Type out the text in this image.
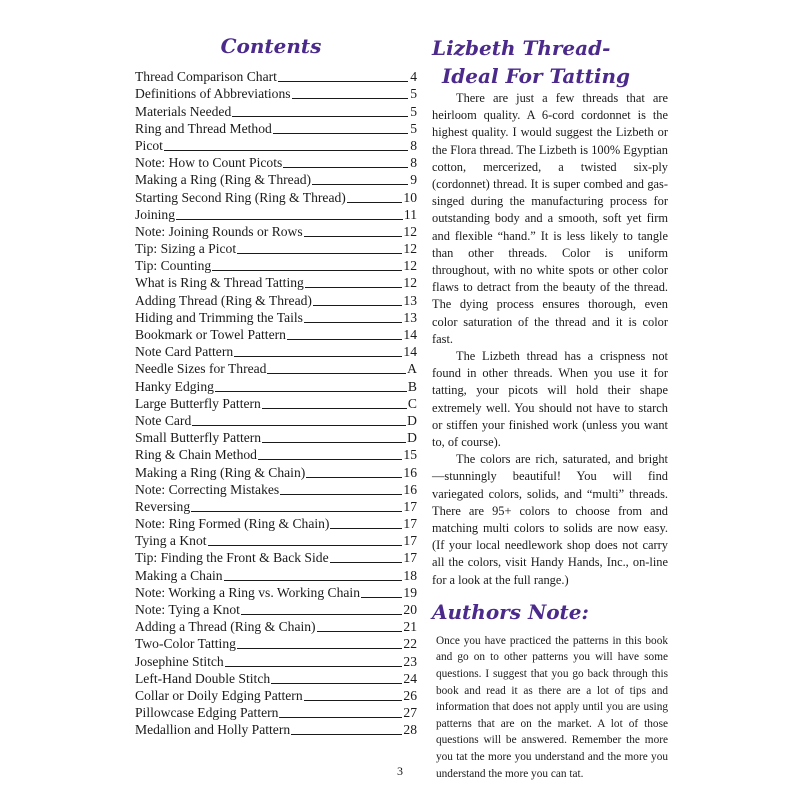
Contents
Thread Comparison Chart	4
Definitions of Abbreviations	5
Materials Needed	5
Ring and Thread Method	5
Picot	8
Note: How to Count Picots	8
Making a Ring (Ring & Thread)	9
Starting Second Ring (Ring & Thread)	10
Joining	11
Note: Joining Rounds or Rows	12
Tip: Sizing a Picot	12
Tip: Counting	12
What is Ring & Thread Tatting	12
Adding Thread (Ring & Thread)	13
Hiding and Trimming the Tails	13
Bookmark or Towel Pattern	14
Note Card Pattern	14
Needle Sizes for Thread	A
Hanky Edging	B
Large Butterfly Pattern	C
Note Card	D
Small Butterfly Pattern	D
Ring & Chain Method	15
Making a Ring (Ring & Chain)	16
Note: Correcting Mistakes	16
Reversing	17
Note: Ring Formed (Ring & Chain)	17
Tying a Knot	17
Tip: Finding the Front & Back Side	17
Making a Chain	18
Note: Working a Ring vs. Working Chain	19
Note: Tying a Knot	20
Adding a Thread (Ring & Chain)	21
Two-Color Tatting	22
Josephine Stitch	23
Left-Hand Double Stitch	24
Collar or Doily Edging Pattern	26
Pillowcase Edging Pattern	27
Medallion and Holly Pattern	28
Lizbeth Thread-
Ideal For Tatting

There are just a few threads that are heirloom quality. A 6-cord cordonnet is the highest quality. I would suggest the Lizbeth or the Flora thread. The Lizbeth is 100% Egyptian cotton, mercerized, a twisted six-ply (cordonnet) thread. It is super combed and gas-singed during the manufacturing process for outstanding body and a smooth, soft yet firm and flexible “hand.” It is less likely to tangle than other threads. Color is uniform throughout, with no white spots or other color flaws to detract from the beauty of the thread. The dying process ensures thorough, even color saturation of the thread and it is color fast.

The Lizbeth thread has a crispness not found in other threads. When you use it for tatting, your picots will hold their shape extremely well. You should not have to starch or stiffen your finished work (unless you want to, of course).

The colors are rich, saturated, and bright—stunningly beautiful! You will find variegated colors, solids, and “multi” threads. There are 95+ colors to choose from and matching multi colors to solids are now easy. (If your local needlework shop does not carry all the colors, visit Handy Hands, Inc., on-line for a look at the full range.)

Authors Note:

Once you have practiced the patterns in this book and go on to other patterns you will have some questions. I suggest that you go back through this book and read it as there are a lot of tips and information that does not apply until you are using patterns that are on the market. A lot of those questions will be answered. Remember the more you tat the more you understand and the more you understand the more you can tat.

3
